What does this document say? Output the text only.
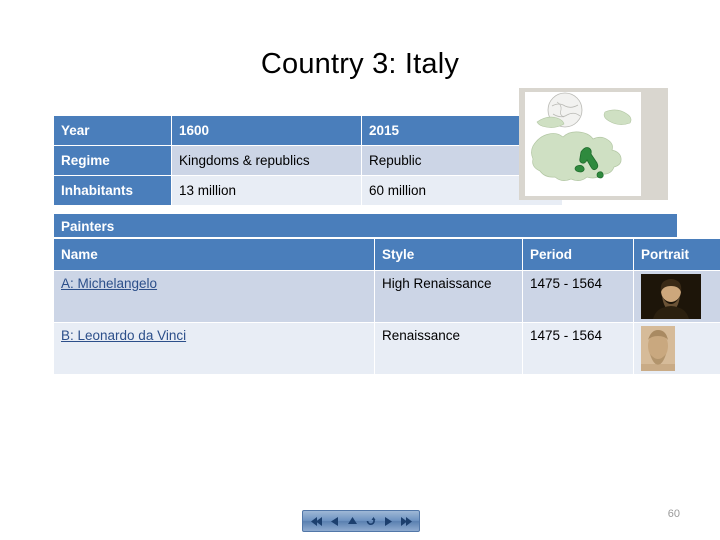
Country 3: Italy
Year	1600	2015
Regime	Kingdoms & republics	Republic
Inhabitants	13 million	60 million
Painters
Name	Style	Period	Portrait
A: Michelangelo	High Renaissance	1475 - 1564	

B: Leonardo da Vinci	Renaissance	1475 - 1564	
60
